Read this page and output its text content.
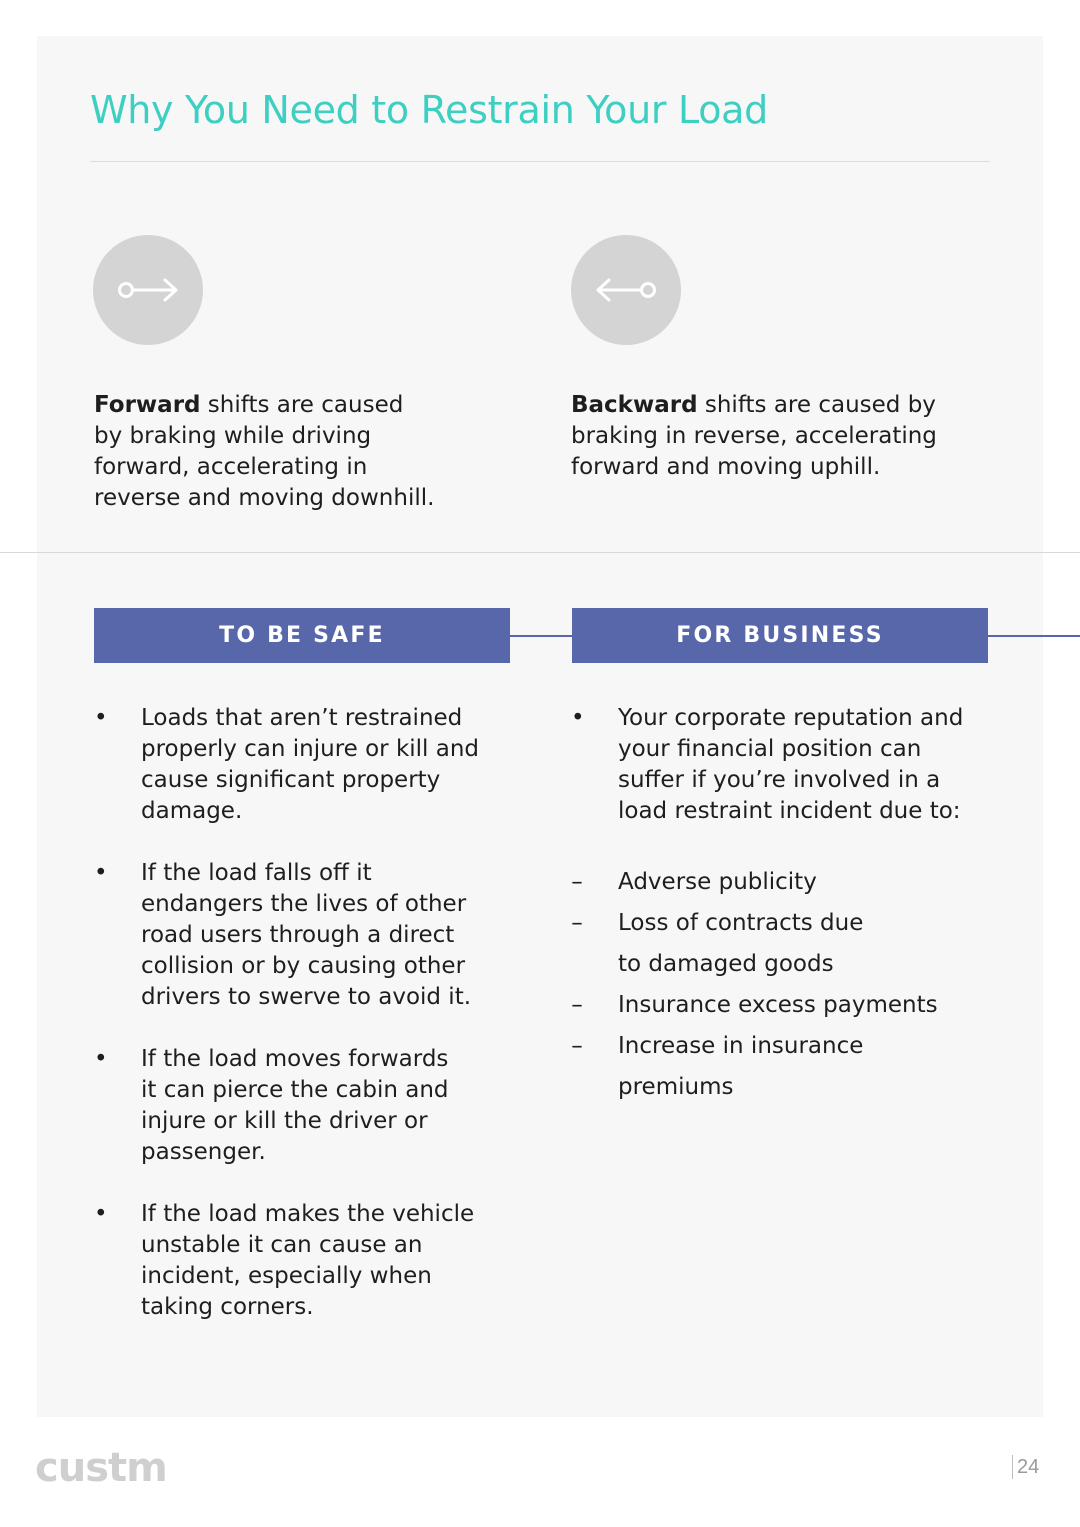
Why You Need to Restrain Your Load

Forward shifts are caused
by braking while driving
forward, accelerating in
reverse and moving downhill.

Backward shifts are caused by
braking in reverse, accelerating
forward and moving uphill.

TO BE SAFE	FOR BUSINESS
• Loads that aren’t restrained
properly can injure or kill and
cause significant property
damage.
• If the load falls off it
endangers the lives of other
road users through a direct
collision or by causing other
drivers to swerve to avoid it.
• If the load moves forwards
it can pierce the cabin and
injure or kill the driver or
passenger.
• If the load makes the vehicle
unstable it can cause an
incident, especially when
taking corners.
• Your corporate reputation and
your financial position can
suffer if you’re involved in a
load restraint incident due to:
– Adverse publicity
– Loss of contracts due
to damaged goods
– Insurance excess payments
– Increase in insurance
premiums
custm	24
